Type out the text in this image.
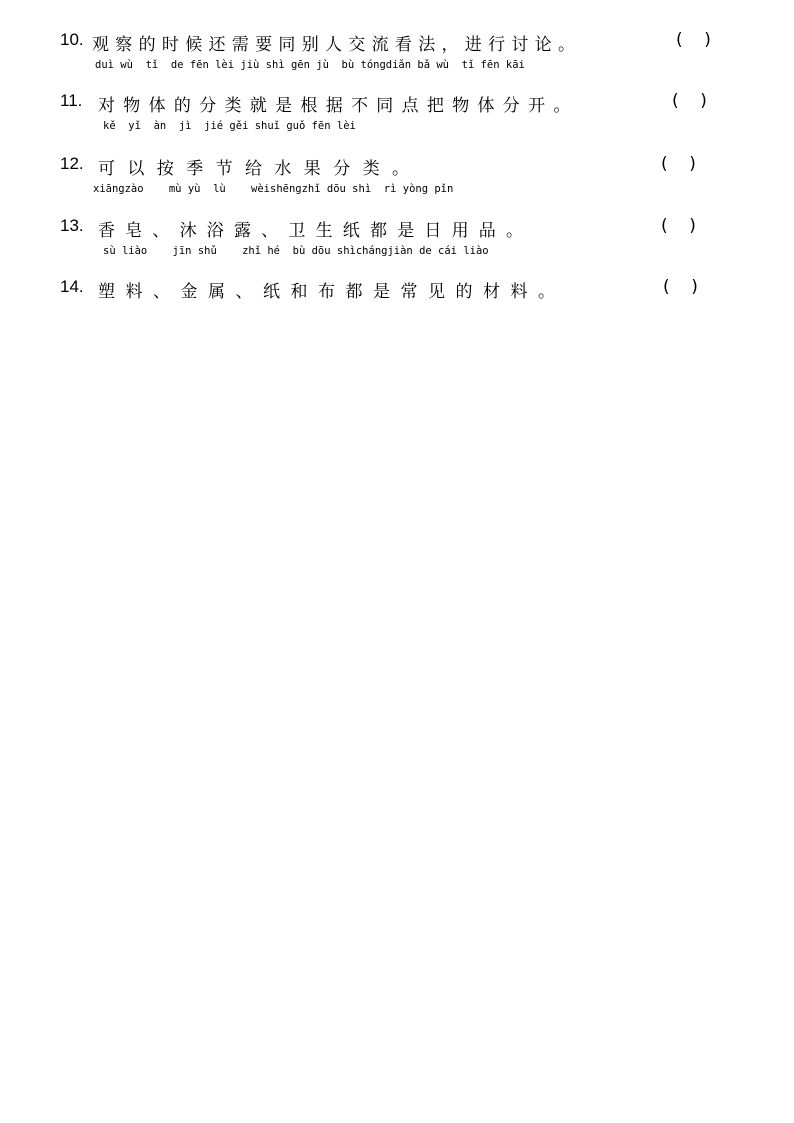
10. 观察的时候还需要同别人交流看法，进行讨论。	(    )
duì wù  tǐ  de fēn lèi jiù shì gēn jù  bù tóngdiǎn bǎ wù  tǐ fēn kāi
11. 对物体的分类就是根据不同点把物体分开。	(    )
kě  yǐ  àn  jì  jié gěi shuǐ guǒ fēn lèi
12. 可以按季节给水果分类。	(    )
xiāngzào    mù yù  lù    wèishēngzhǐ dōu shì  rì yòng pǐn
13. 香皂、沐浴露、卫生纸都是日用品。	(    )
sù liào    jīn shǔ    zhǐ hé  bù dōu shìchángjiàn de cái liào
14. 塑料、金属、纸和布都是常见的材料。	(    )
